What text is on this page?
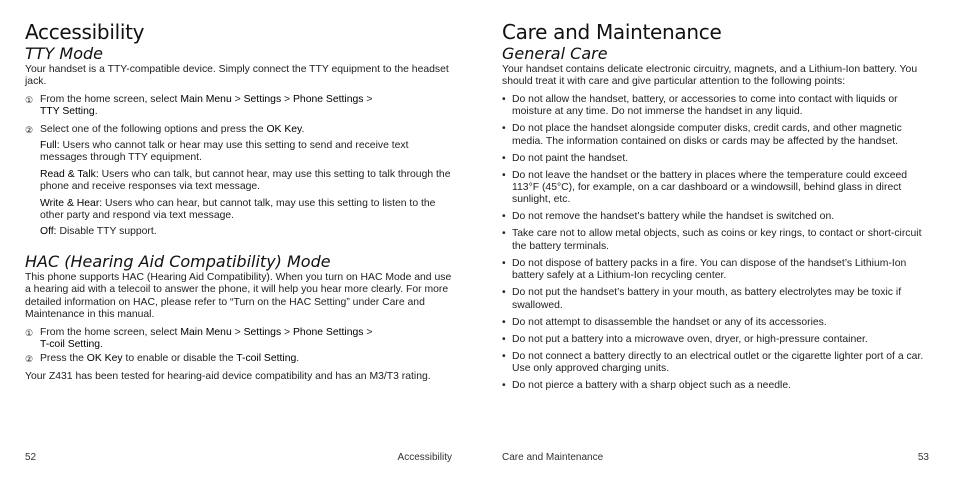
Accessibility
TTY Mode

Your handset is a TTY-compatible device. Simply connect the TTY equipment to the headset jack.

① From the home screen, select Main Menu > Settings > Phone Settings >
TTY Setting.
② Select one of the following options and press the OK Key.
Full: Users who cannot talk or hear may use this setting to send and receive text messages through TTY equipment.
Read & Talk: Users who can talk, but cannot hear, may use this setting to talk through the phone and receive responses via text message.
Write & Hear: Users who can hear, but cannot talk, may use this setting to listen to the other party and respond via text message.
Off: Disable TTY support.
HAC (Hearing Aid Compatibility) Mode

This phone supports HAC (Hearing Aid Compatibility). When you turn on HAC Mode and use a hearing aid with a telecoil to answer the phone, it will help you hear more clearly. For more detailed information on HAC, please refer to “Turn on the HAC Setting” under Care and Maintenance in this manual.

① From the home screen, select Main Menu > Settings > Phone Settings >
T-coil Setting.
② Press the OK Key to enable or disable the T-coil Setting.

Your Z431 has been tested for hearing-aid device compatibility and has an M3/T3 rating.

52	Accessibility
Care and Maintenance
General Care

Your handset contains delicate electronic circuitry, magnets, and a Lithium-Ion battery. You should treat it with care and give particular attention to the following points:

• Do not allow the handset, battery, or accessories to come into contact with liquids or moisture at any time. Do not immerse the handset in any liquid.
• Do not place the handset alongside computer disks, credit cards, and other magnetic media. The information contained on disks or cards may be affected by the handset.
• Do not paint the handset.
• Do not leave the handset or the battery in places where the temperature could exceed 113°F (45°C), for example, on a car dashboard or a windowsill, behind glass in direct sunlight, etc.
• Do not remove the handset’s battery while the handset is switched on.
• Take care not to allow metal objects, such as coins or key rings, to contact or short-circuit the battery terminals.
• Do not dispose of battery packs in a fire. You can dispose of the handset’s Lithium-Ion battery safely at a Lithium-Ion recycling center.
• Do not put the handset’s battery in your mouth, as battery electrolytes may be toxic if swallowed.
• Do not attempt to disassemble the handset or any of its accessories.
• Do not put a battery into a microwave oven, dryer, or high-pressure container.
• Do not connect a battery directly to an electrical outlet or the cigarette lighter port of a car. Use only approved charging units.
• Do not pierce a battery with a sharp object such as a needle.
Care and Maintenance	53
